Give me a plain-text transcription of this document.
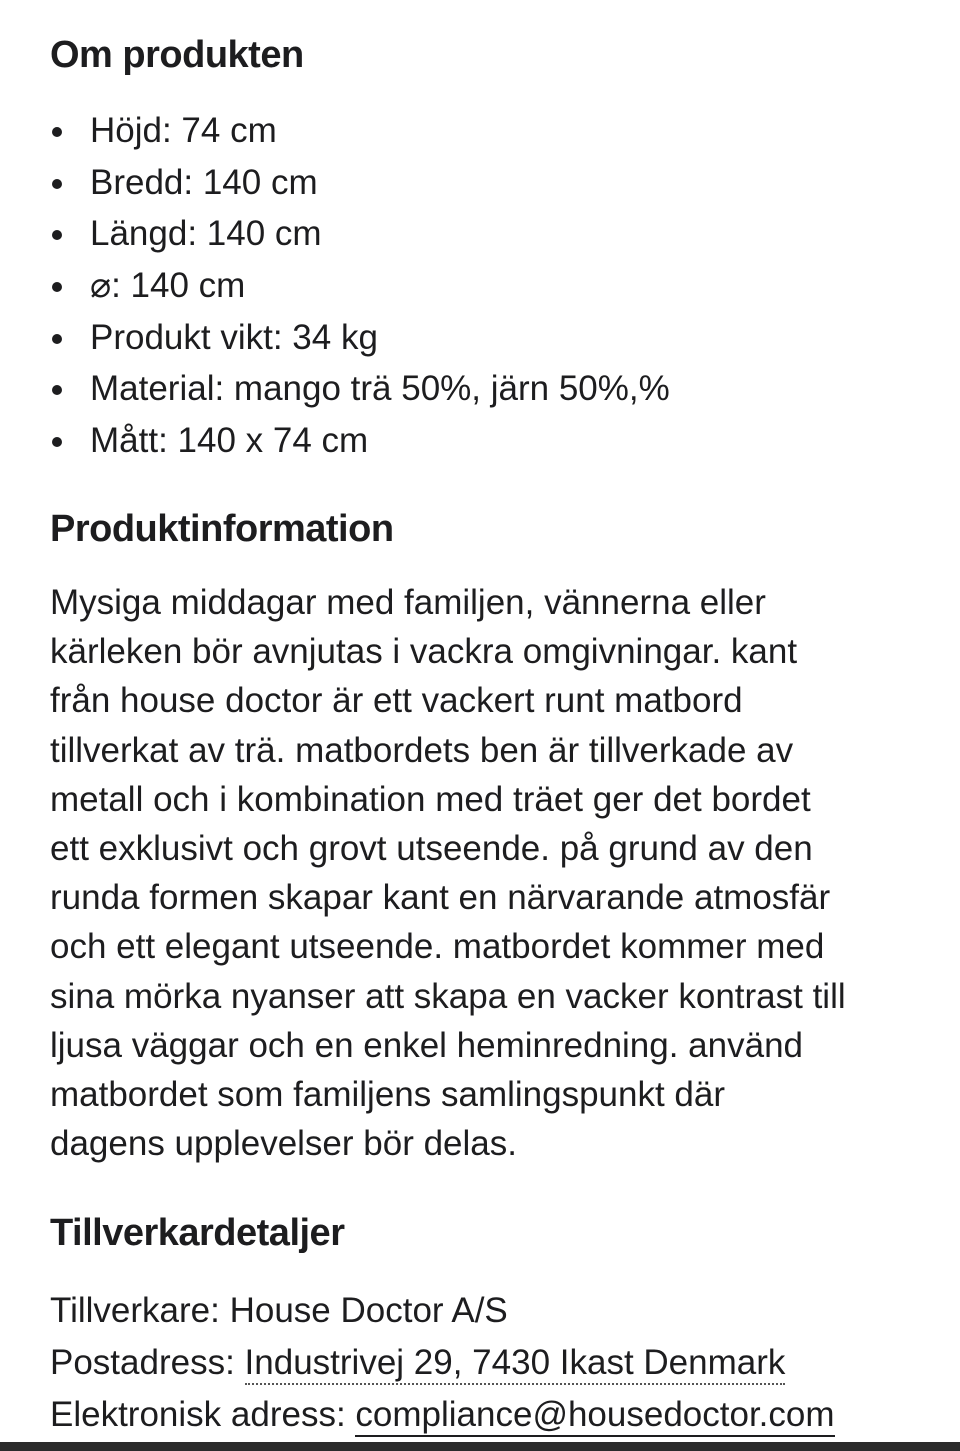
Om produkten
Höjd: 74 cm
Bredd: 140 cm
Längd: 140 cm
⌀: 140 cm
Produkt vikt: 34 kg
Material: mango trä 50%, järn 50%,%
Mått: 140 x 74 cm
Produktinformation

Mysiga middagar med familjen, vännerna eller
kärleken bör avnjutas i vackra omgivningar. kant
från house doctor är ett vackert runt matbord
tillverkat av trä. matbordets ben är tillverkade av
metall och i kombination med träet ger det bordet
ett exklusivt och grovt utseende. på grund av den
runda formen skapar kant en närvarande atmosfär
och ett elegant utseende. matbordet kommer med
sina mörka nyanser att skapa en vacker kontrast till
ljusa väggar och en enkel heminredning. använd
matbordet som familjens samlingspunkt där
dagens upplevelser bör delas.

Tillverkardetaljer

Tillverkare: House Doctor A/S
Postadress: Industrivej 29, 7430 Ikast Denmark
Elektronisk adress: compliance@housedoctor.com
